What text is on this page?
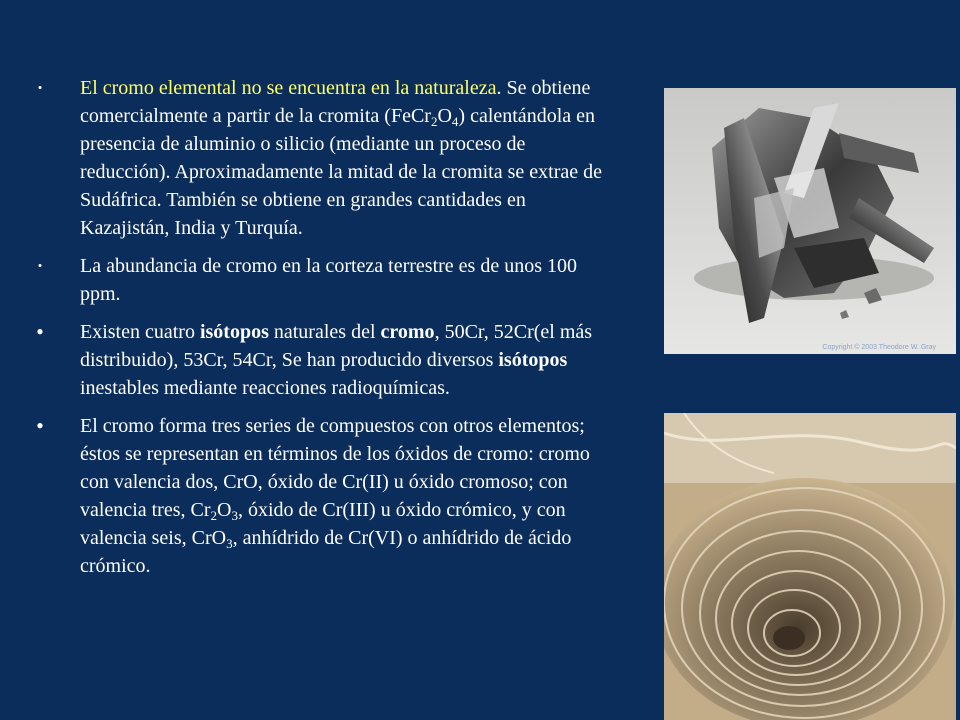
•	El cromo elemental no se encuentra en la naturaleza. Se obtiene comercialmente a partir de la cromita $(FeCr_2O_4)$ calentándola en presencia de aluminio o silicio (mediante un proceso de reducción). Aproximadamente la mitad de la cromita se extrae de Sudáfrica. También se obtiene en grandes cantidades en Kazajistán, India y Turquía.
•	La abundancia de cromo en la corteza terrestre es de unos 100 ppm.
•	Existen cuatro isótopos naturales del cromo, 50Cr, 52Cr(el más distribuido), 53Cr, 54Cr, Se han producido diversos isótopos inestables mediante reacciones radioquímicas.
•	El cromo forma tres series de compuestos con otros elementos; éstos se representan en términos de los óxidos de cromo: cromo con valencia dos, CrO, óxido de Cr(II) u óxido cromoso; con valencia tres, $Cr_2O_3$, óxido de Cr(III) u óxido crómico, y con valencia seis, CrO$_3$, anhídrido de Cr(VI) o anhídrido de ácido crómico.
Copyright © 2003 Theodore W. Gray
